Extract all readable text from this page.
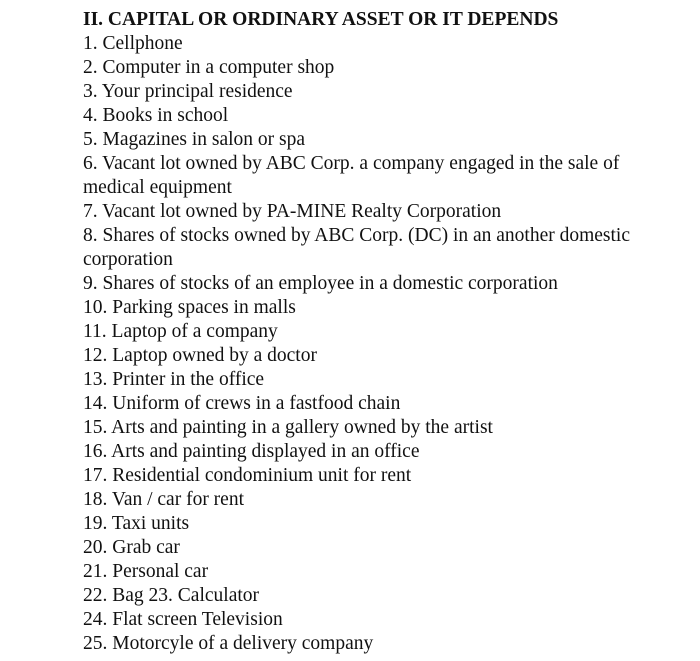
II. CAPITAL OR ORDINARY ASSET OR IT DEPENDS
1. Cellphone
2. Computer in a computer shop
3. Your principal residence
4. Books in school
5. Magazines in salon or spa
6. Vacant lot owned by ABC Corp. a company engaged in the sale of medical equipment
7. Vacant lot owned by PA-MINE Realty Corporation
8. Shares of stocks owned by ABC Corp. (DC) in an another domestic corporation
9. Shares of stocks of an employee in a domestic corporation
10. Parking spaces in malls
11. Laptop of a company
12. Laptop owned by a doctor
13. Printer in the office
14. Uniform of crews in a fastfood chain
15. Arts and painting in a gallery owned by the artist
16. Arts and painting displayed in an office
17. Residential condominium unit for rent
18. Van / car for rent
19. Taxi units
20. Grab car
21. Personal car
22. Bag 23. Calculator
24. Flat screen Television
25. Motorcyle of a delivery company
